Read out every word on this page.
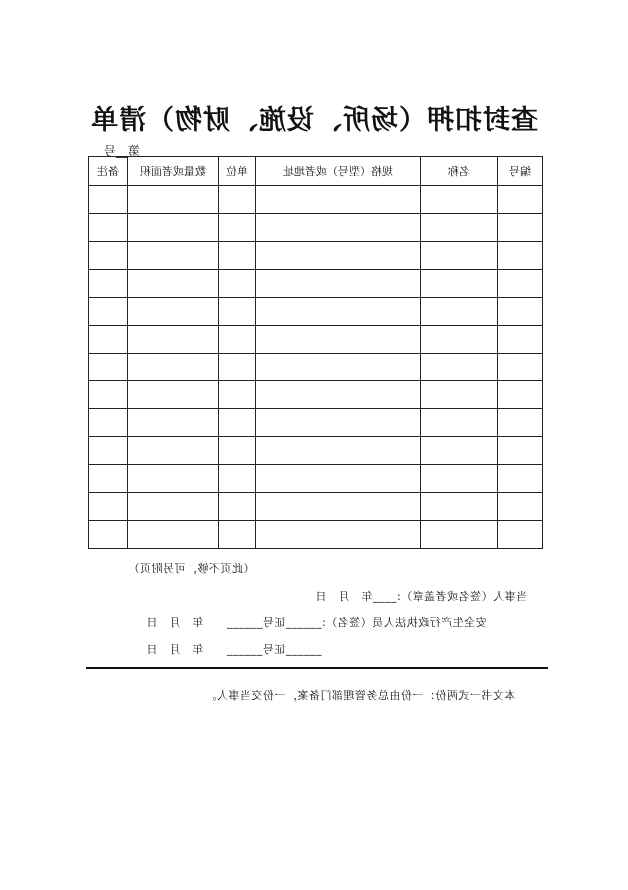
查封扣押（场所、设施、财物）清单
第__号
备注	数量或者面积	单位	规格（型号）或者地址	名称	编号

（此页不够，可另附页）
当事人（签名或者盖章）:____年　月　日
安全生产行政执法人员（签名）:______证号______　　年　月　日
______证号______　　年　月　日
本文书一式两份：一份由总务管理部门备案，一份交当事人。
